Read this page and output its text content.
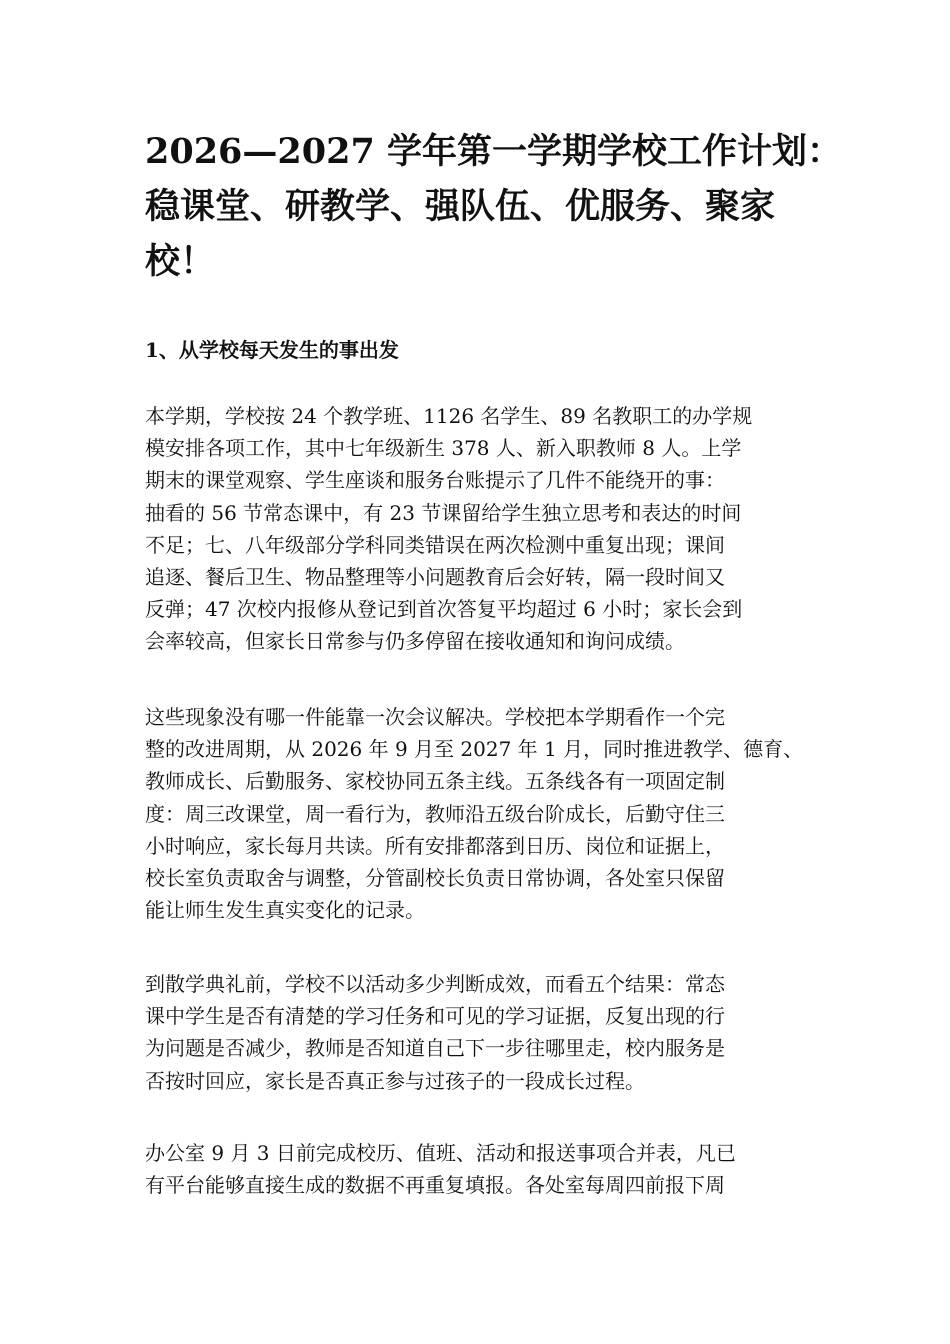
2026—2027 学年第一学期学校工作计划：
稳课堂、研教学、强队伍、优服务、聚家
校！
1、从学校每天发生的事出发

本学期，学校按 24 个教学班、1126 名学生、89 名教职工的办学规
模安排各项工作，其中七年级新生 378 人、新入职教师 8 人。上学
期末的课堂观察、学生座谈和服务台账提示了几件不能绕开的事：
抽看的 56 节常态课中，有 23 节课留给学生独立思考和表达的时间
不足；七、八年级部分学科同类错误在两次检测中重复出现；课间
追逐、餐后卫生、物品整理等小问题教育后会好转，隔一段时间又
反弹；47 次校内报修从登记到首次答复平均超过 6 小时；家长会到
会率较高，但家长日常参与仍多停留在接收通知和询问成绩。

这些现象没有哪一件能靠一次会议解决。学校把本学期看作一个完
整的改进周期，从 2026 年 9 月至 2027 年 1 月，同时推进教学、德育、
教师成长、后勤服务、家校协同五条主线。五条线各有一项固定制
度：周三改课堂，周一看行为，教师沿五级台阶成长，后勤守住三
小时响应，家长每月共读。所有安排都落到日历、岗位和证据上，
校长室负责取舍与调整，分管副校长负责日常协调，各处室只保留
能让师生发生真实变化的记录。

到散学典礼前，学校不以活动多少判断成效，而看五个结果：常态
课中学生是否有清楚的学习任务和可见的学习证据，反复出现的行
为问题是否减少，教师是否知道自己下一步往哪里走，校内服务是
否按时回应，家长是否真正参与过孩子的一段成长过程。

办公室 9 月 3 日前完成校历、值班、活动和报送事项合并表，凡已
有平台能够直接生成的数据不再重复填报。各处室每周四前报下周
